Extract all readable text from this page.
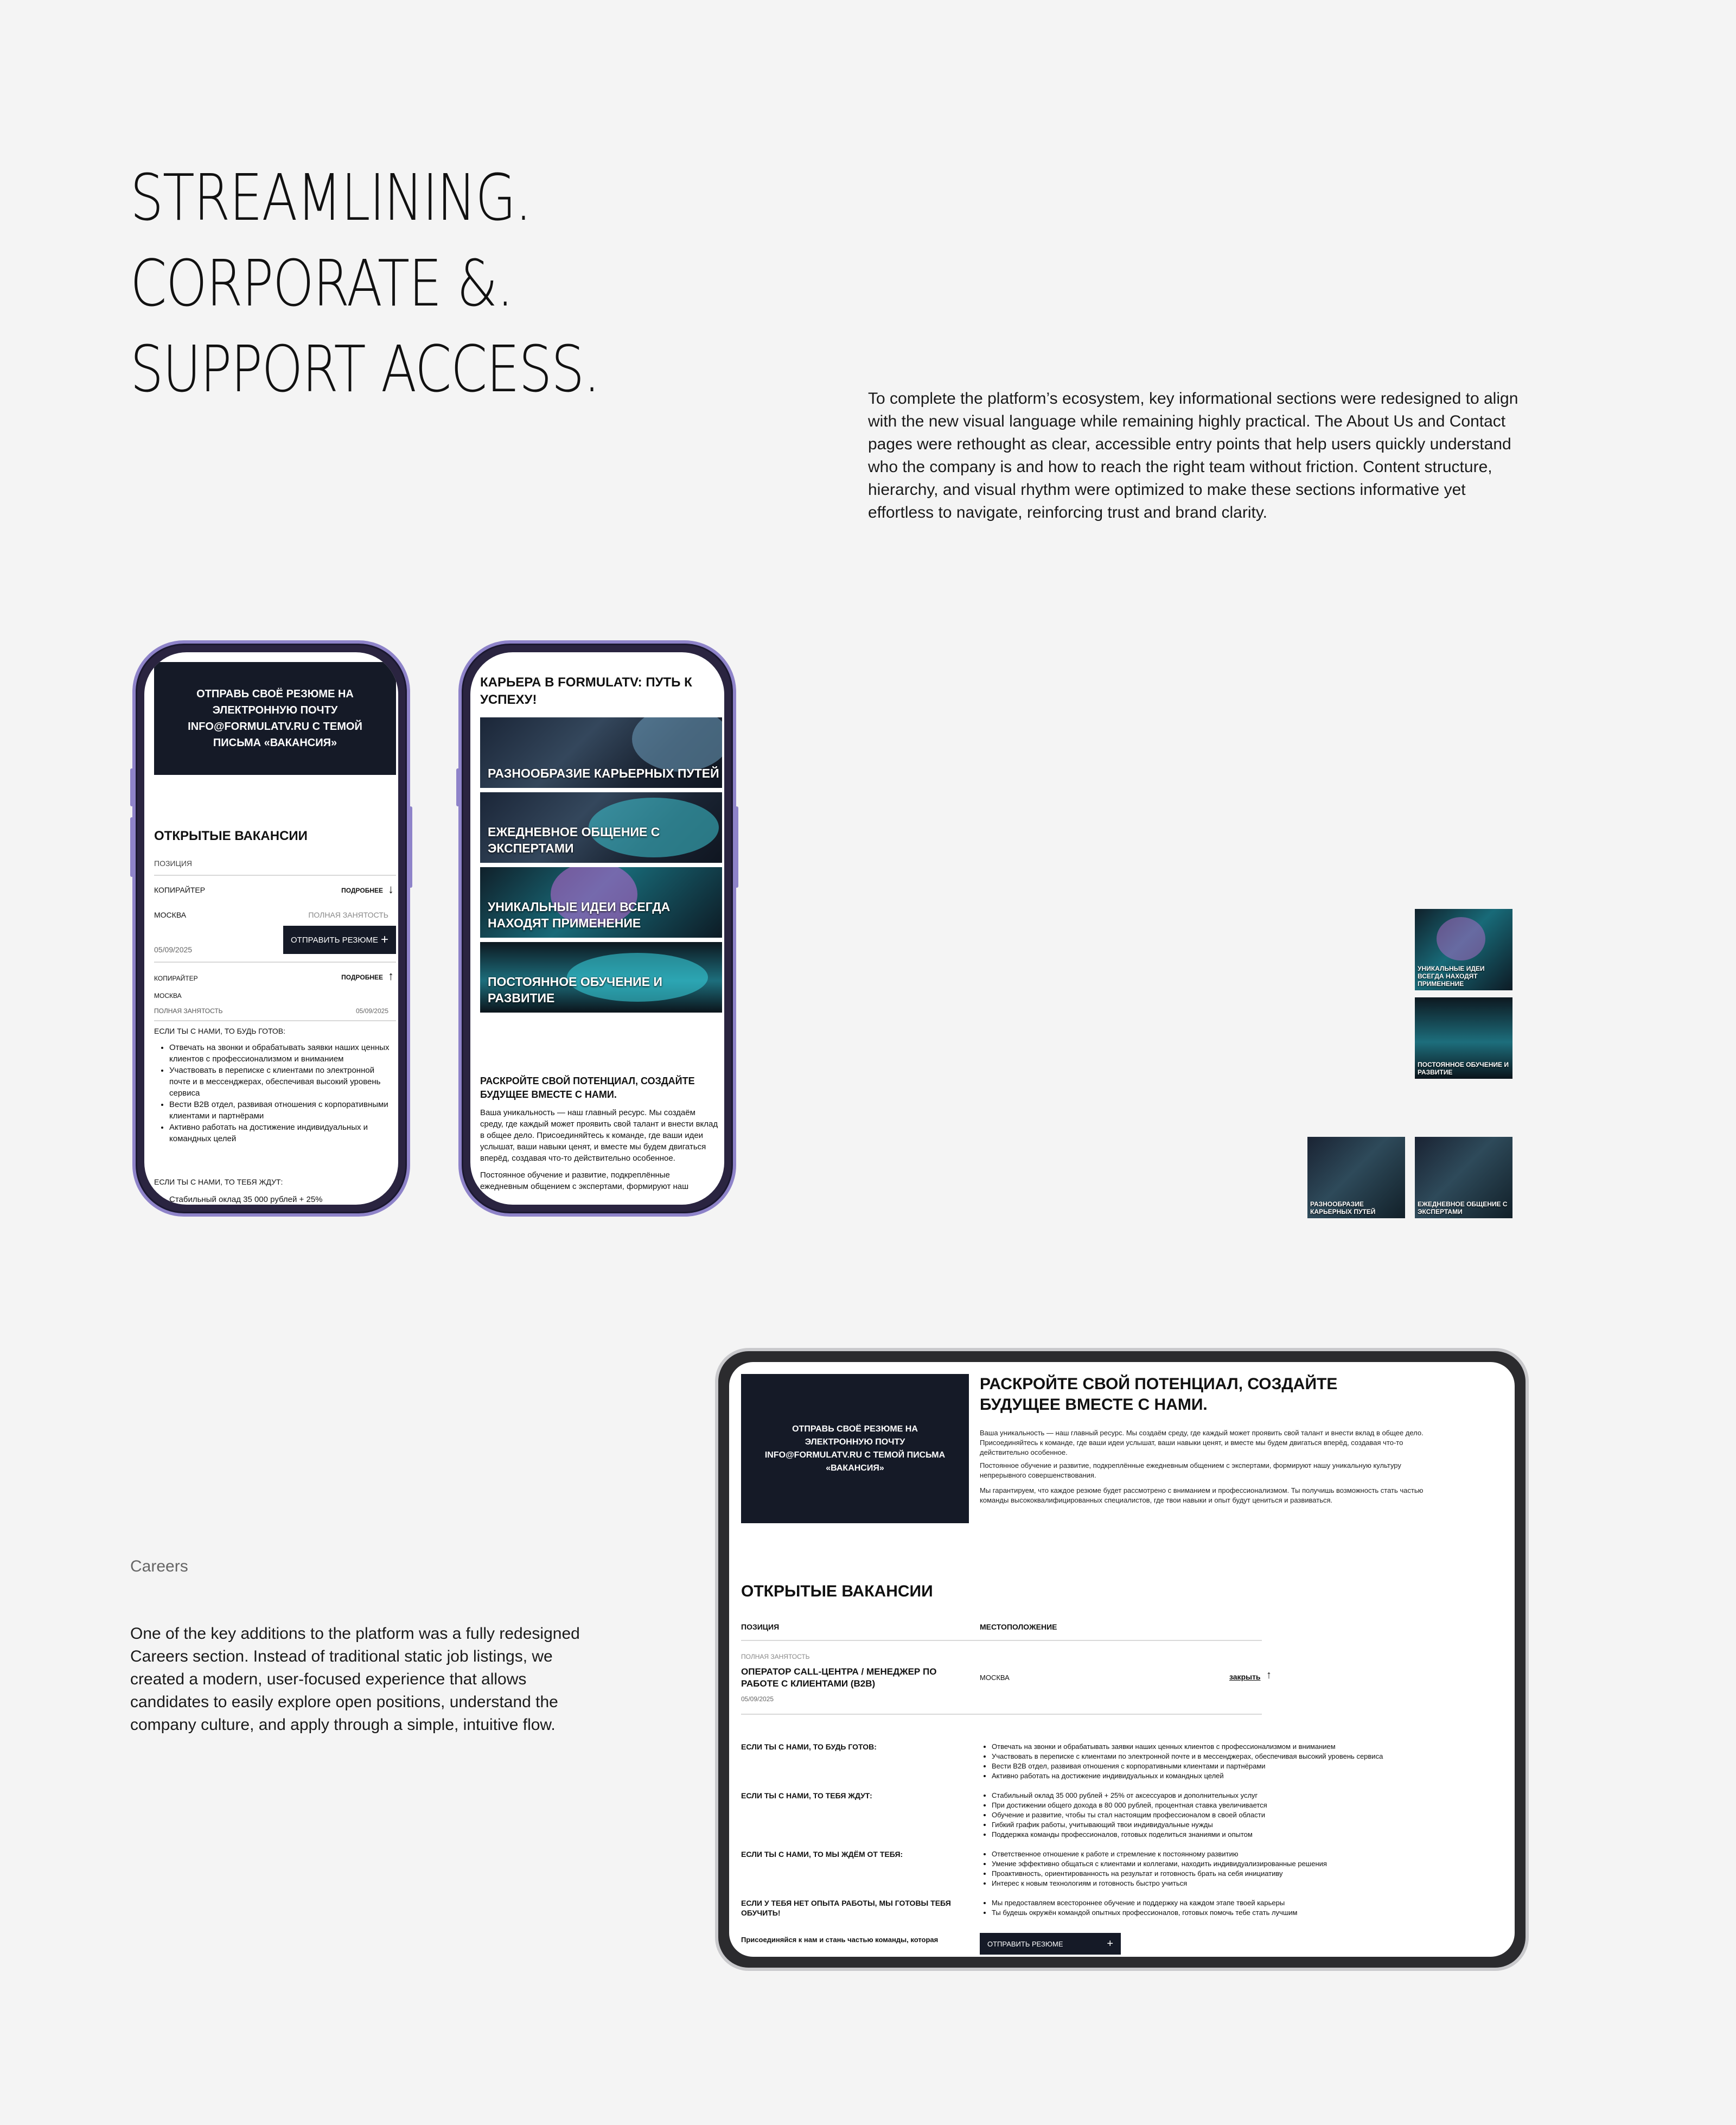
STREAMLINING.
CORPORATE &.
SUPPORT ACCESS.	To complete the platform’s ecosystem, key informational sections were redesigned to align with the new visual language while remaining highly practical. The About Us and Contact pages were rethought as clear, accessible entry points that help users quickly understand who the company is and how to reach the right team without friction. Content structure, hierarchy, and visual rhythm were optimized to make these sections informative yet effortless to navigate, reinforcing trust and brand clarity.
ОТПРАВЬ СВОЁ РЕЗЮМЕ НА ЭЛЕКТРОННУЮ ПОЧТУ INFO@FORMULATV.RU С ТЕМОЙ ПИСЬМА «ВАКАНСИЯ»
ОТКРЫТЫЕ ВАКАНСИИ
ПОЗИЦИЯ
КОПИРАЙТЕР	ПОДРОБНЕЕ ↓
МОСКВА	ПОЛНАЯ ЗАНЯТОСТЬ
ОТПРАВИТЬ РЕЗЮМЕ +
05/09/2025
КОПИРАЙТЕР	ПОДРОБНЕЕ ↑
МОСКВА
ПОЛНАЯ ЗАНЯТОСТЬ	05/09/2025
ЕСЛИ ТЫ С НАМИ, ТО БУДЬ ГОТОВ:
• Отвечать на звонки и обрабатывать заявки наших ценных клиентов с профессионализмом и вниманием
• Участвовать в переписке с клиентами по электронной почте и в мессенджерах, обеспечивая высокий уровень сервиса
• Вести B2B отдел, развивая отношения с корпоративными клиентами и партнёрами
• Активно работать на достижение индивидуальных и командных целей
ЕСЛИ ТЫ С НАМИ, ТО ТЕБЯ ЖДУТ:
• Стабильный оклад 35 000 рублей + 25%
КАРЬЕРА В FORMULATV: ПУТЬ К УСПЕХУ!
РАЗНООБРАЗИЕ КАРЬЕРНЫХ ПУТЕЙ
ЕЖЕДНЕВНОЕ ОБЩЕНИЕ С ЭКСПЕРТАМИ
УНИКАЛЬНЫЕ ИДЕИ ВСЕГДА НАХОДЯТ ПРИМЕНЕНИЕ
ПОСТОЯННОЕ ОБУЧЕНИЕ И РАЗВИТИЕ
РАСКРОЙТЕ СВОЙ ПОТЕНЦИАЛ, СОЗДАЙТЕ БУДУЩЕЕ ВМЕСТЕ С НАМИ.
Ваша уникальность — наш главный ресурс. Мы создаём среду, где каждый может проявить свой талант и внести вклад в общее дело. Присоединяйтесь к команде, где ваши идеи услышат, ваши навыки ценят, и вместе мы будем двигаться вперёд, создавая что-то действительно особенное.
Постоянное обучение и развитие, подкреплённые ежедневным общением с экспертами, формируют наш
УНИКАЛЬНЫЕ ИДЕИ ВСЕГДА НАХОДЯТ ПРИМЕНЕНИЕ
ПОСТОЯННОЕ ОБУЧЕНИЕ И РАЗВИТИЕ
РАЗНООБРАЗИЕ КАРЬЕРНЫХ ПУТЕЙ
ЕЖЕДНЕВНОЕ ОБЩЕНИЕ С ЭКСПЕРТАМИ
Careers
One of the key additions to the platform was a fully redesigned Careers section. Instead of traditional static job listings, we created a modern, user-focused experience that allows candidates to easily explore open positions, understand the company culture, and apply through a simple, intuitive flow.
ОТПРАВЬ СВОЁ РЕЗЮМЕ НА ЭЛЕКТРОННУЮ ПОЧТУ INFO@FORMULATV.RU С ТЕМОЙ ПИСЬМА «ВАКАНСИЯ»
РАСКРОЙТЕ СВОЙ ПОТЕНЦИАЛ, СОЗДАЙТЕ БУДУЩЕЕ ВМЕСТЕ С НАМИ.
Ваша уникальность — наш главный ресурс. Мы создаём среду, где каждый может проявить свой талант и внести вклад в общее дело. Присоединяйтесь к команде, где ваши идеи услышат, ваши навыки ценят, и вместе мы будем двигаться вперёд, создавая что-то действительно особенное.
Постоянное обучение и развитие, подкреплённые ежедневным общением с экспертами, формируют нашу уникальную культуру непрерывного совершенствования.
Мы гарантируем, что каждое резюме будет рассмотрено с вниманием и профессионализмом. Ты получишь возможность стать частью команды высококвалифицированных специалистов, где твои навыки и опыт будут цениться и развиваться.
ОТКРЫТЫЕ ВАКАНСИИ
ПОЗИЦИЯ	МЕСТОПОЛОЖЕНИЕ
ПОЛНАЯ ЗАНЯТОСТЬ
ОПЕРАТОР CALL-ЦЕНТРА / МЕНЕДЖЕР ПО РАБОТЕ С КЛИЕНТАМИ (B2B)
05/09/2025
МОСКВА	закрыть ↑
ЕСЛИ ТЫ С НАМИ, ТО БУДЬ ГОТОВ:	• Отвечать на звонки и обрабатывать заявки наших ценных клиентов с профессионализмом и вниманием
• Участвовать в переписке с клиентами по электронной почте и в мессенджерах, обеспечивая высокий уровень сервиса
• Вести B2B отдел, развивая отношения с корпоративными клиентами и партнёрами
• Активно работать на достижение индивидуальных и командных целей
ЕСЛИ ТЫ С НАМИ, ТО ТЕБЯ ЖДУТ:	• Стабильный оклад 35 000 рублей + 25% от аксессуаров и дополнительных услуг
• При достижении общего дохода в 80 000 рублей, процентная ставка увеличивается
• Обучение и развитие, чтобы ты стал настоящим профессионалом в своей области
• Гибкий график работы, учитывающий твои индивидуальные нужды
• Поддержка команды профессионалов, готовых поделиться знаниями и опытом
ЕСЛИ ТЫ С НАМИ, ТО МЫ ЖДЁМ ОТ ТЕБЯ:	• Ответственное отношение к работе и стремление к постоянному развитию
• Умение эффективно общаться с клиентами и коллегами, находить индивидуализированные решения
• Проактивность, ориентированность на результат и готовность брать на себя инициативу
• Интерес к новым технологиям и готовность быстро учиться
ЕСЛИ У ТЕБЯ НЕТ ОПЫТА РАБОТЫ, МЫ ГОТОВЫ ТЕБЯ ОБУЧИТЬ!
• Мы предоставляем всестороннее обучение и поддержку на каждом этапе твоей карьеры
• Ты будешь окружён командой опытных профессионалов, готовых помочь тебе стать лучшим
Присоединяйся к нам и стань частью команды, которая	ОТПРАВИТЬ РЕЗЮМЕ	+
